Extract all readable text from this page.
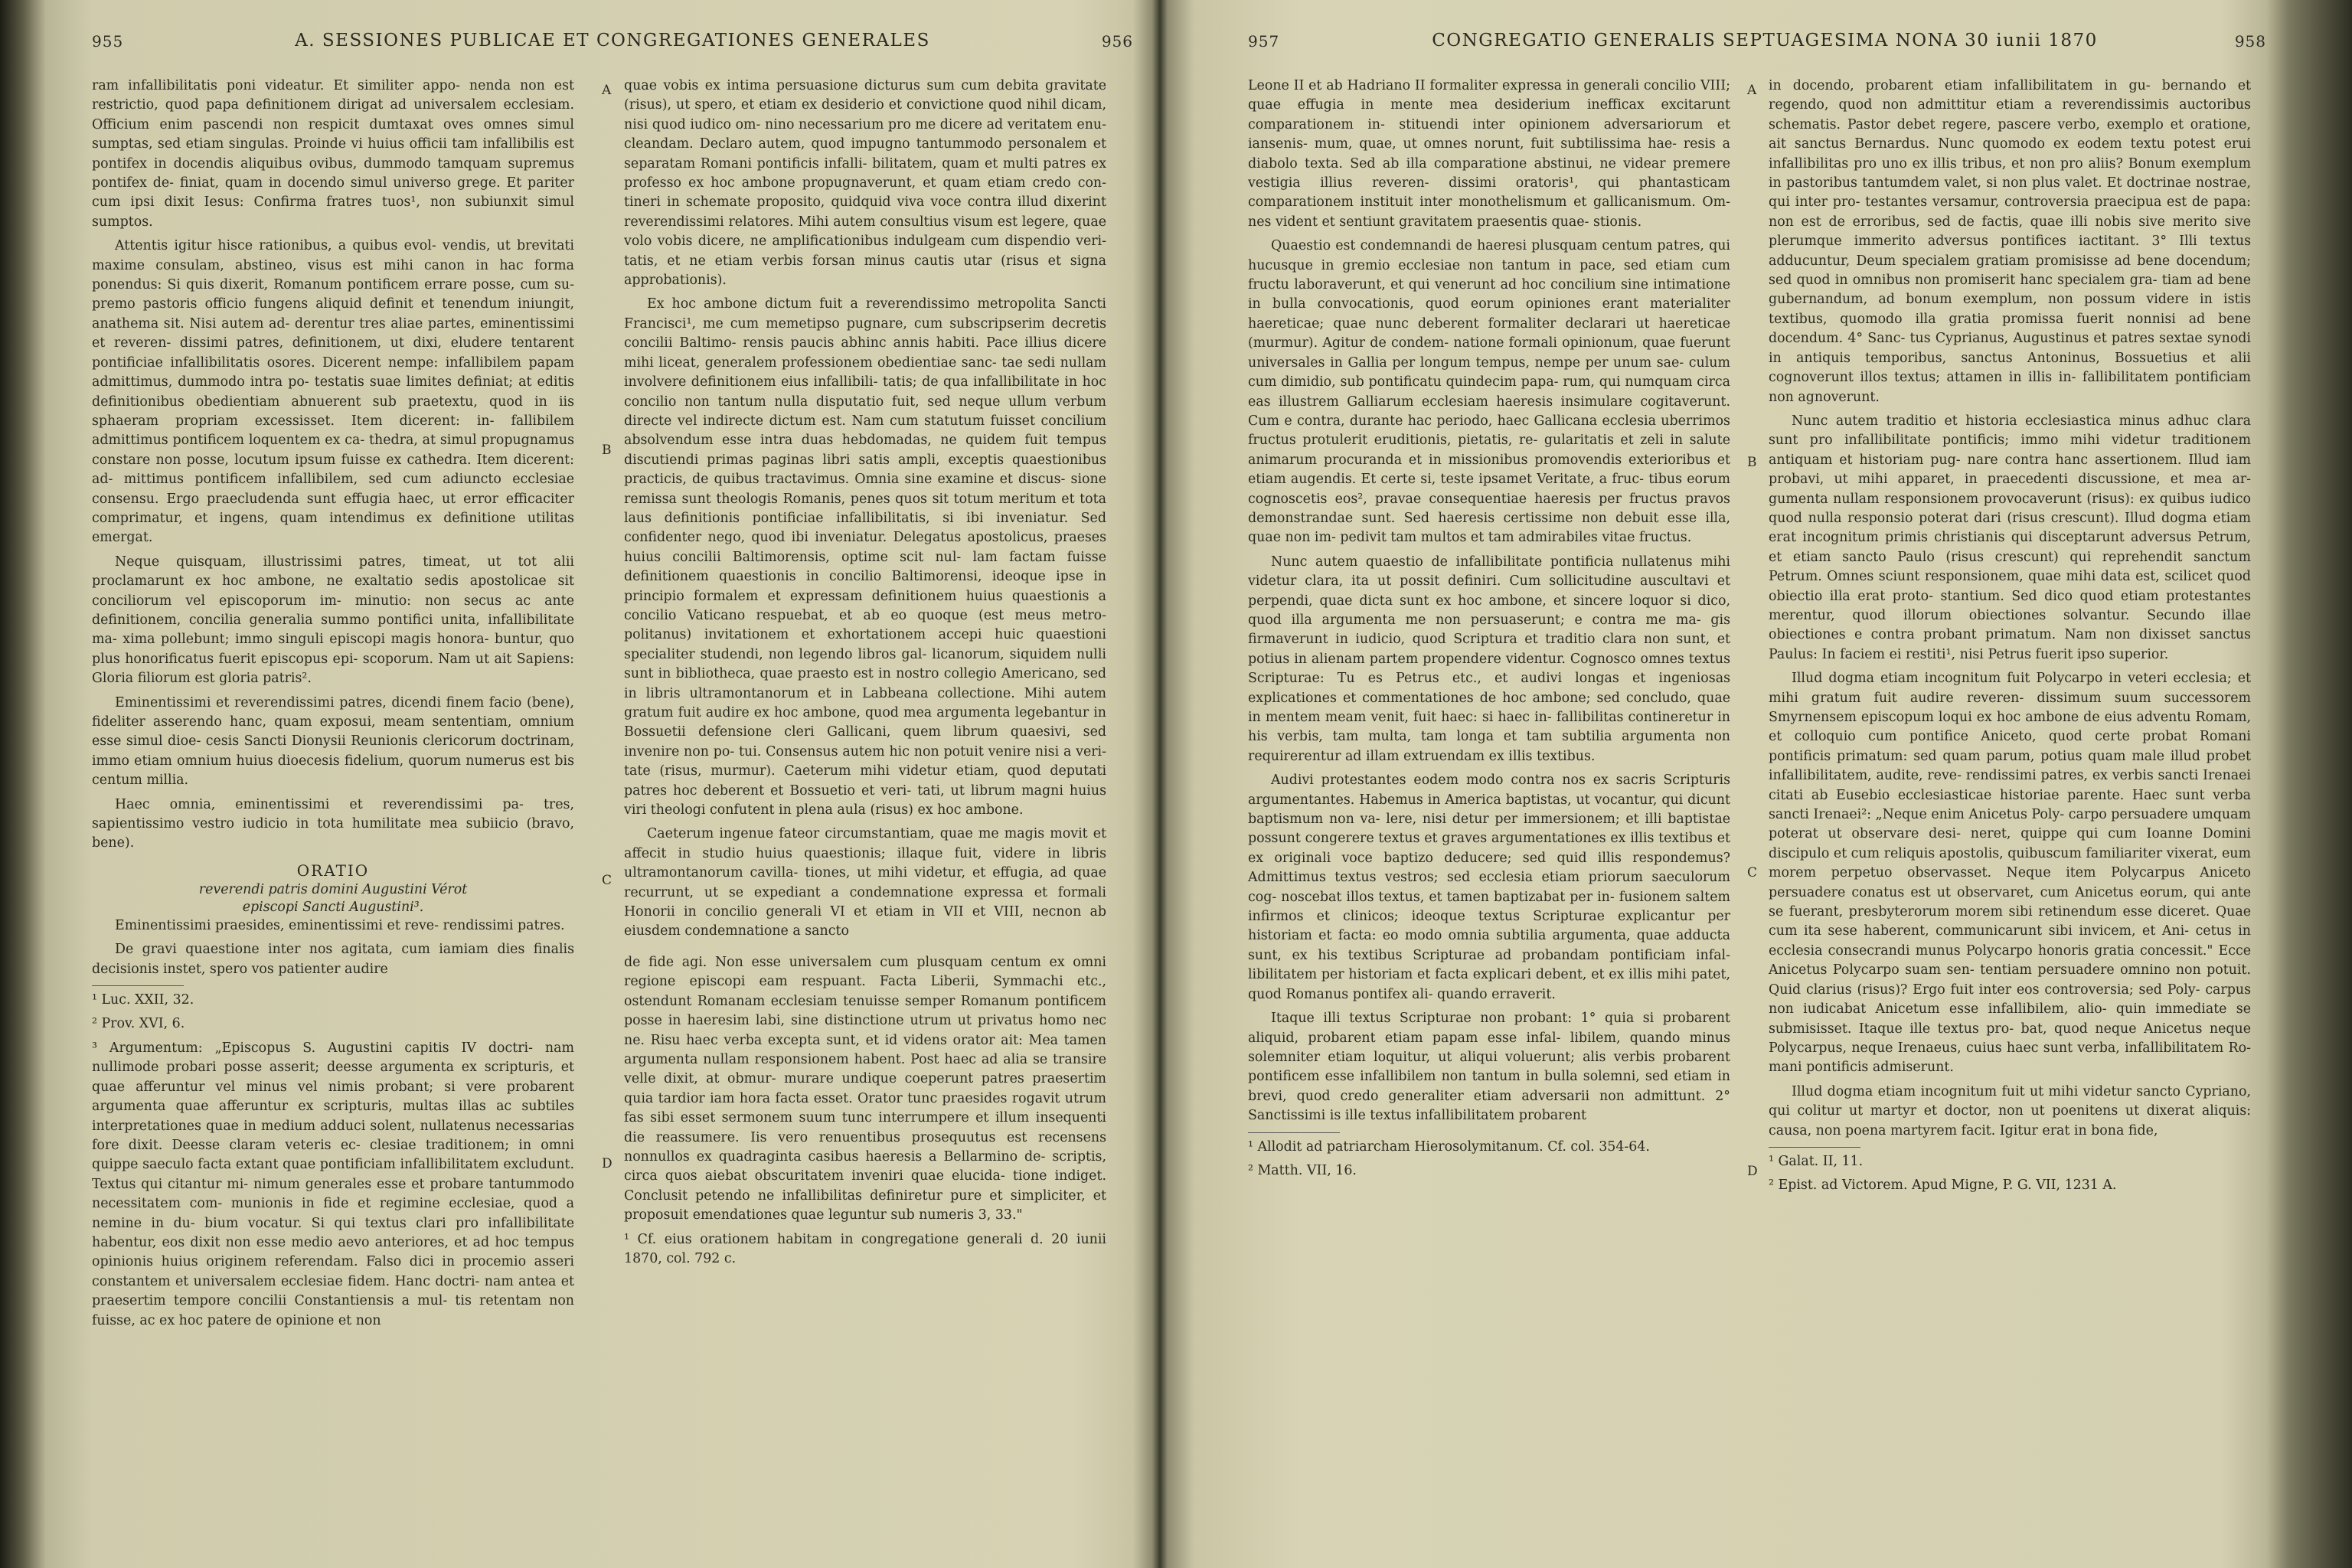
955	A. SESSIONES PUBLICAE ET CONGREGATIONES GENERALES	956

ram infallibilitatis poni videatur. Et similiter appo- nenda non est restrictio, quod papa definitionem dirigat ad universalem ecclesiam. Officium enim pascendi non respicit dumtaxat oves omnes simul sumptas, sed etiam singulas. Proinde vi huius officii tam infallibilis est pontifex in docendis aliquibus ovibus, dummodo tamquam supremus pontifex de- finiat, quam in docendo simul universo grege. Et pariter cum ipsi dixit Iesus: Confirma fratres tuos¹, non subiunxit simul sumptos.

Attentis igitur hisce rationibus, a quibus evol- vendis, ut brevitati maxime consulam, abstineo, visus est mihi canon in hac forma ponendus: Si quis dixerit, Romanum pontificem errare posse, cum su- premo pastoris officio fungens aliquid definit et tenendum iniungit, anathema sit. Nisi autem ad- derentur tres aliae partes, eminentissimi et reveren- dissimi patres, definitionem, ut dixi, eludere tentarent pontificiae infallibilitatis osores. Dicerent nempe: infallibilem papam admittimus, dummodo intra po- testatis suae limites definiat; at editis definitionibus obedientiam abnuerent sub praetextu, quod in iis sphaeram propriam excessisset. Item dicerent: in- fallibilem admittimus pontificem loquentem ex ca- thedra, at simul propugnamus constare non posse, locutum ipsum fuisse ex cathedra. Item dicerent: ad- mittimus pontificem infallibilem, sed cum adiuncto ecclesiae consensu. Ergo praecludenda sunt effugia haec, ut error efficaciter comprimatur, et ingens, quam intendimus ex definitione utilitas emergat.

Neque quisquam, illustrissimi patres, timeat, ut tot alii proclamarunt ex hoc ambone, ne exaltatio sedis apostolicae sit conciliorum vel episcoporum im- minutio: non secus ac ante definitionem, concilia generalia summo pontifici unita, infallibilitate ma- xima pollebunt; immo singuli episcopi magis honora- buntur, quo plus honorificatus fuerit episcopus epi- scoporum. Nam ut ait Sapiens: Gloria filiorum est gloria patris².

Eminentissimi et reverendissimi patres, dicendi finem facio (bene), fideliter asserendo hanc, quam exposui, meam sententiam, omnium esse simul dioe- cesis Sancti Dionysii Reunionis clericorum doctrinam, immo etiam omnium huius dioecesis fidelium, quorum numerus est bis centum millia.

Haec omnia, eminentissimi et reverendissimi pa- tres, sapientissimo vestro iudicio in tota humilitate mea subiicio (bravo, bene).

ORATIO
reverendi patris domini Augustini Vérot
episcopi Sancti Augustini³.

Eminentissimi praesides, eminentissimi et reve- rendissimi patres.

De gravi quaestione inter nos agitata, cum iamiam dies finalis decisionis instet, spero vos patienter audire

¹ Luc. XXII, 32.

² Prov. XVI, 6.

³ Argumentum: „Episcopus S. Augustini capitis IV doctri- nam nullimode probari posse asserit; deesse argumenta ex scripturis, et quae afferuntur vel minus vel nimis probant; si vere probarent argumenta quae afferuntur ex scripturis, multas illas ac subtiles interpretationes quae in medium adduci solent, nullatenus necessarias fore dixit. Deesse claram veteris ec- clesiae traditionem; in omni quippe saeculo facta extant quae pontificiam infallibilitatem excludunt. Textus qui citantur mi- nimum generales esse et probare tantummodo necessitatem com- munionis in fide et regimine ecclesiae, quod a nemine in du- bium vocatur. Si qui textus clari pro infallibilitate habentur, eos dixit non esse medio aevo anteriores, et ad hoc tempus opinionis huius originem referendam. Falso dici in procemio asseri constantem et universalem ecclesiae fidem. Hanc doctri- nam antea et praesertim tempore concilii Constantiensis a mul- tis retentam non fuisse, ac ex hoc patere de opinione et non

quae vobis ex intima persuasione dicturus sum cum debita gravitate (risus), ut spero, et etiam ex desiderio et convictione quod nihil dicam, nisi quod iudico om- nino necessarium pro me dicere ad veritatem enu- cleandam. Declaro autem, quod impugno tantummodo personalem et separatam Romani pontificis infalli- bilitatem, quam et multi patres ex professo ex hoc ambone propugnaverunt, et quam etiam credo con- tineri in schemate proposito, quidquid viva voce contra illud dixerint reverendissimi relatores. Mihi autem consultius visum est legere, quae volo vobis dicere, ne amplificationibus indulgeam cum dispendio veri- tatis, et ne etiam verbis forsan minus cautis utar (risus et signa approbationis).

Ex hoc ambone dictum fuit a reverendissimo metropolita Sancti Francisci¹, me cum memetipso pugnare, cum subscripserim decretis concilii Baltimo- rensis paucis abhinc annis habiti. Pace illius dicere mihi liceat, generalem professionem obedientiae sanc- tae sedi nullam involvere definitionem eius infallibili- tatis; de qua infallibilitate in hoc concilio non tantum nulla disputatio fuit, sed neque ullum verbum directe vel indirecte dictum est. Nam cum statutum fuisset concilium absolvendum esse intra duas hebdomadas, ne quidem fuit tempus discutiendi primas paginas libri satis ampli, exceptis quaestionibus practicis, de quibus tractavimus. Omnia sine examine et discus- sione remissa sunt theologis Romanis, penes quos sit totum meritum et tota laus definitionis pontificiae infallibilitatis, si ibi inveniatur. Sed confidenter nego, quod ibi inveniatur. Delegatus apostolicus, praeses huius concilii Baltimorensis, optime scit nul- lam factam fuisse definitionem quaestionis in concilio Baltimorensi, ideoque ipse in principio formalem et expressam definitionem huius quaestionis a concilio Vaticano respuebat, et ab eo quoque (est meus metro- politanus) invitationem et exhortationem accepi huic quaestioni specialiter studendi, non legendo libros gal- licanorum, siquidem nulli sunt in bibliotheca, quae praesto est in nostro collegio Americano, sed in libris ultramontanorum et in Labbeana collectione. Mihi autem gratum fuit audire ex hoc ambone, quod mea argumenta legebantur in Bossuetii defensione cleri Gallicani, quem librum quaesivi, sed invenire non po- tui. Consensus autem hic non potuit venire nisi a veri- tate (risus, murmur). Caeterum mihi videtur etiam, quod deputati patres hoc deberent et Bossuetio et veri- tati, ut librum magni huius viri theologi confutent in plena aula (risus) ex hoc ambone.

Caeterum ingenue fateor circumstantiam, quae me magis movit et affecit in studio huius quaestionis; illaque fuit, videre in libris ultramontanorum cavilla- tiones, ut mihi videtur, et effugia, ad quae recurrunt, ut se expediant a condemnatione expressa et formali Honorii in concilio generali VI et etiam in VII et VIII, necnon ab eiusdem condemnatione a sancto

de fide agi. Non esse universalem cum plusquam centum ex omni regione episcopi eam respuant. Facta Liberii, Symmachi etc., ostendunt Romanam ecclesiam tenuisse semper Romanum pontificem posse in haeresim labi, sine distinctione utrum ut privatus homo nec ne. Risu haec verba excepta sunt, et id videns orator ait: Mea tamen argumenta nullam responsionem habent. Post haec ad alia se transire velle dixit, at obmur- murare undique coeperunt patres praesertim quia tardior iam hora facta esset. Orator tunc praesides rogavit utrum fas sibi esset sermonem suum tunc interrumpere et illum insequenti die reassumere. Iis vero renuentibus prosequutus est recensens nonnullos ex quadraginta casibus haeresis a Bellarmino de- scriptis, circa quos aiebat obscuritatem inveniri quae elucida- tione indiget. Conclusit petendo ne infallibilitas definiretur pure et simpliciter, et proposuit emendationes quae leguntur sub numeris 3, 33."

¹ Cf. eius orationem habitam in congregatione generali d. 20 iunii 1870, col. 792 c.

A
B
C
D
957	CONGREGATIO GENERALIS SEPTUAGESIMA NONA 30 iunii 1870	958

Leone II et ab Hadriano II formaliter expressa in generali concilio VIII; quae effugia in mente mea desiderium inefficax excitarunt comparationem in- stituendi inter opinionem adversariorum et iansenis- mum, quae, ut omnes norunt, fuit subtilissima hae- resis a diabolo texta. Sed ab illa comparatione abstinui, ne videar premere vestigia illius reveren- dissimi oratoris¹, qui phantasticam comparationem instituit inter monothelismum et gallicanismum. Om- nes vident et sentiunt gravitatem praesentis quae- stionis.

Quaestio est condemnandi de haeresi plusquam centum patres, qui hucusque in gremio ecclesiae non tantum in pace, sed etiam cum fructu laboraverunt, et qui venerunt ad hoc concilium sine intimatione in bulla convocationis, quod eorum opiniones erant materialiter haereticae; quae nunc deberent formaliter declarari ut haereticae (murmur). Agitur de condem- natione formali opinionum, quae fuerunt universales in Gallia per longum tempus, nempe per unum sae- culum cum dimidio, sub pontificatu quindecim papa- rum, qui numquam circa eas illustrem Galliarum ecclesiam haeresis insimulare cogitaverunt. Cum e contra, durante hac periodo, haec Gallicana ecclesia uberrimos fructus protulerit eruditionis, pietatis, re- gularitatis et zeli in salute animarum procuranda et in missionibus promovendis exterioribus et etiam augendis. Et certe si, teste ipsamet Veritate, a fruc- tibus eorum cognoscetis eos², pravae consequentiae haeresis per fructus pravos demonstrandae sunt. Sed haeresis certissime non debuit esse illa, quae non im- pedivit tam multos et tam admirabiles vitae fructus.

Nunc autem quaestio de infallibilitate pontificia nullatenus mihi videtur clara, ita ut possit definiri. Cum sollicitudine auscultavi et perpendi, quae dicta sunt ex hoc ambone, et sincere loquor si dico, quod illa argumenta me non persuaserunt; e contra me ma- gis firmaverunt in iudicio, quod Scriptura et traditio clara non sunt, et potius in alienam partem propendere videntur. Cognosco omnes textus Scripturae: Tu es Petrus etc., et audivi longas et ingeniosas explicationes et commentationes de hoc ambone; sed concludo, quae in mentem meam venit, fuit haec: si haec in- fallibilitas contineretur in his verbis, tam multa, tam longa et tam subtilia argumenta non requirerentur ad illam extruendam ex illis textibus.

Audivi protestantes eodem modo contra nos ex sacris Scripturis argumentantes. Habemus in America baptistas, ut vocantur, qui dicunt baptismum non va- lere, nisi detur per immersionem; et illi baptistae possunt congerere textus et graves argumentationes ex illis textibus et ex originali voce baptizo deducere; sed quid illis respondemus? Admittimus textus vestros; sed ecclesia etiam priorum saeculorum cog- noscebat illos textus, et tamen baptizabat per in- fusionem saltem infirmos et clinicos; ideoque textus Scripturae explicantur per historiam et facta: eo modo omnia subtilia argumenta, quae adducta sunt, ex his textibus Scripturae ad probandam pontificiam infal- libilitatem per historiam et facta explicari debent, et ex illis mihi patet, quod Romanus pontifex ali- quando erraverit.

Itaque illi textus Scripturae non probant: 1° quia si probarent aliquid, probarent etiam papam esse infal- libilem, quando minus solemniter etiam loquitur, ut aliqui voluerunt; alis verbis probarent pontificem esse infallibilem non tantum in bulla solemni, sed etiam in brevi, quod credo generaliter etiam adversarii non admittunt. 2° Sanctissimi is ille textus infallibilitatem probarent

¹ Allodit ad patriarcham Hierosolymitanum. Cf. col. 354-64.

² Matth. VII, 16.

in docendo, probarent etiam infallibilitatem in gu- bernando et regendo, quod non admittitur etiam a reverendissimis auctoribus schematis. Pastor debet regere, pascere verbo, exemplo et oratione, ait sanctus Bernardus. Nunc quomodo ex eodem textu potest erui infallibilitas pro uno ex illis tribus, et non pro aliis? Bonum exemplum in pastoribus tantumdem valet, si non plus valet. Et doctrinae nostrae, qui inter pro- testantes versamur, controversia praecipua est de papa: non est de erroribus, sed de factis, quae illi nobis sive merito sive plerumque immerito adversus pontifices iactitant. 3° Illi textus adducuntur, Deum specialem gratiam promisisse ad bene docendum; sed quod in omnibus non promiserit hanc specialem gra- tiam ad bene gubernandum, ad bonum exemplum, non possum videre in istis textibus, quomodo illa gratia promissa fuerit nonnisi ad bene docendum. 4° Sanc- tus Cyprianus, Augustinus et patres sextae synodi in antiquis temporibus, sanctus Antoninus, Bossuetius et alii cognoverunt illos textus; attamen in illis in- fallibilitatem pontificiam non agnoverunt.

Nunc autem traditio et historia ecclesiastica minus adhuc clara sunt pro infallibilitate pontificis; immo mihi videtur traditionem antiquam et historiam pug- nare contra hanc assertionem. Illud iam probavi, ut mihi apparet, in praecedenti discussione, et mea ar- gumenta nullam responsionem provocaverunt (risus): ex quibus iudico quod nulla responsio poterat dari (risus crescunt). Illud dogma etiam erat incognitum primis christianis qui disceptarunt adversus Petrum, et etiam sancto Paulo (risus crescunt) qui reprehendit sanctum Petrum. Omnes sciunt responsionem, quae mihi data est, scilicet quod obiectio illa erat proto- stantium. Sed dico quod etiam protestantes merentur, quod illorum obiectiones solvantur. Secundo illae obiectiones e contra probant primatum. Nam non dixisset sanctus Paulus: In faciem ei restiti¹, nisi Petrus fuerit ipso superior.

Illud dogma etiam incognitum fuit Polycarpo in veteri ecclesia; et mihi gratum fuit audire reveren- dissimum suum successorem Smyrnensem episcopum loqui ex hoc ambone de eius adventu Romam, et colloquio cum pontifice Aniceto, quod certe probat Romani pontificis primatum: sed quam parum, potius quam male illud probet infallibilitatem, audite, reve- rendissimi patres, ex verbis sancti Irenaei citati ab Eusebio ecclesiasticae historiae parente. Haec sunt verba sancti Irenaei²: „Neque enim Anicetus Poly- carpo persuadere umquam poterat ut observare desi- neret, quippe qui cum Ioanne Domini discipulo et cum reliquis apostolis, quibuscum familiariter vixerat, eum morem perpetuo observasset. Neque item Polycarpus Aniceto persuadere conatus est ut observaret, cum Anicetus eorum, qui ante se fuerant, presbyterorum morem sibi retinendum esse diceret. Quae cum ita sese haberent, communicarunt sibi invicem, et Ani- cetus in ecclesia consecrandi munus Polycarpo honoris gratia concessit." Ecce Anicetus Polycarpo suam sen- tentiam persuadere omnino non potuit. Quid clarius (risus)? Ergo fuit inter eos controversia; sed Poly- carpus non iudicabat Anicetum esse infallibilem, alio- quin immediate se submisisset. Itaque ille textus pro- bat, quod neque Anicetus neque Polycarpus, neque Irenaeus, cuius haec sunt verba, infallibilitatem Ro- mani pontificis admiserunt.

Illud dogma etiam incognitum fuit ut mihi videtur sancto Cypriano, qui colitur ut martyr et doctor, non ut poenitens ut dixerat aliquis: causa, non poena martyrem facit. Igitur erat in bona fide,

¹ Galat. II, 11.

² Epist. ad Victorem. Apud Migne, P. G. VII, 1231 A.

A
B
C
D
